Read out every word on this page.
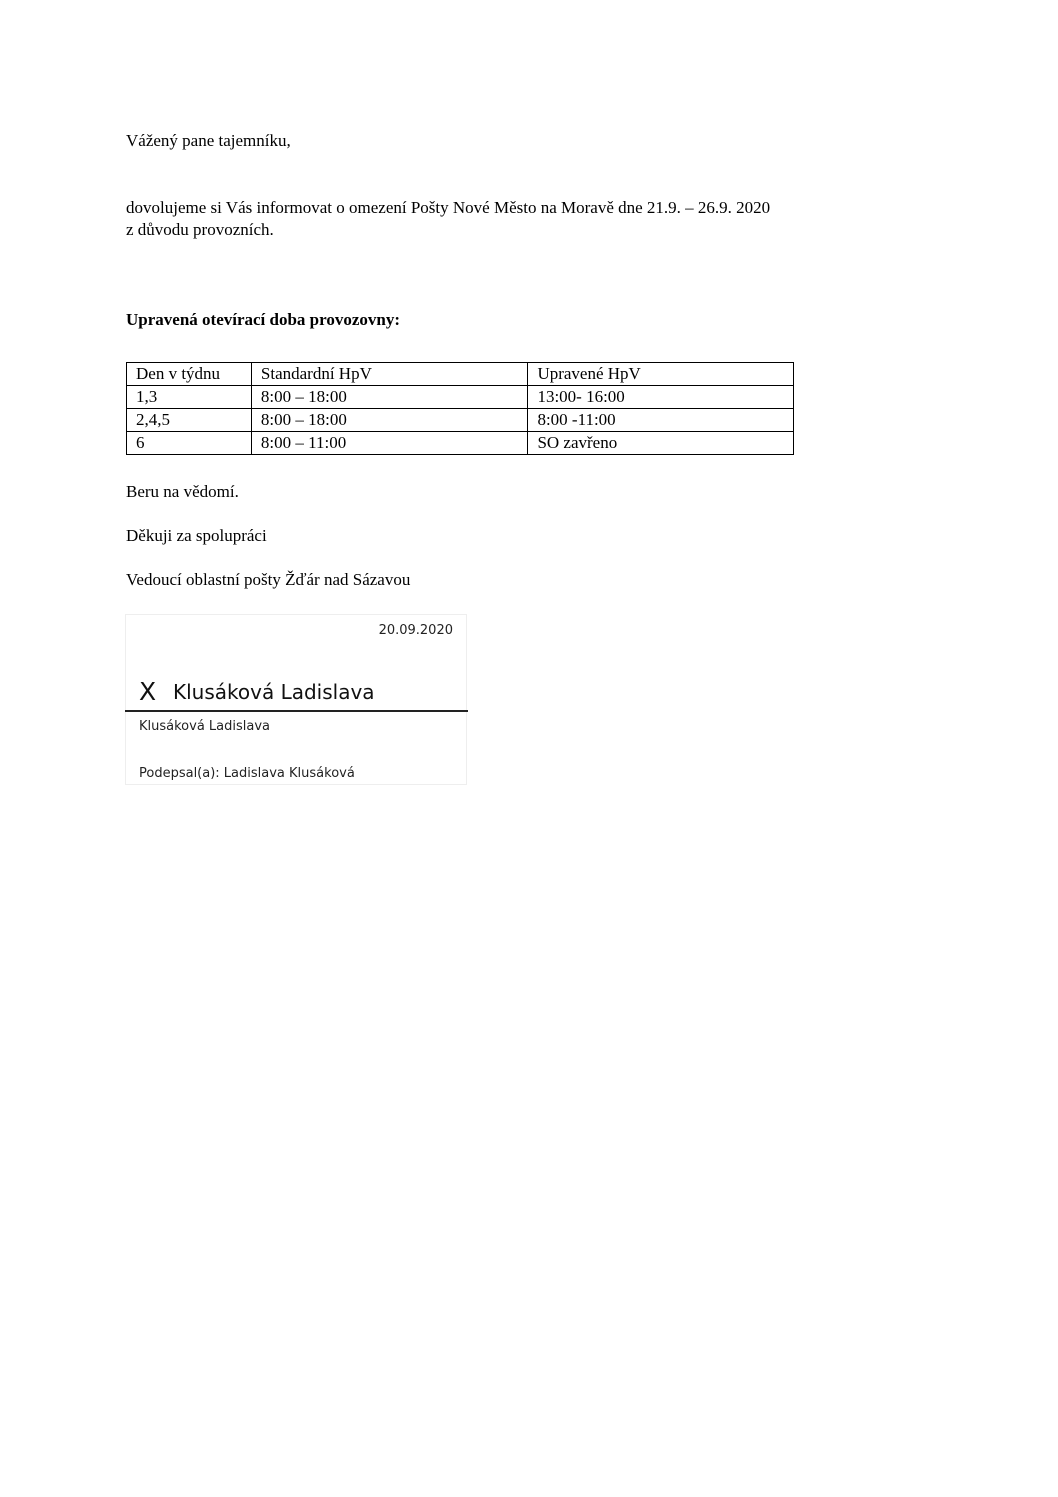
Vážený pane tajemníku,
dovolujeme si Vás informovat o omezení Pošty Nové Město na Moravě dne 21.9. – 26.9. 2020
z důvodu provozních.
Upravená otevírací doba provozovny:
Den v týdnu	Standardní HpV	Upravené HpV
1,3	8:00 – 18:00	13:00- 16:00
2,4,5	8:00 – 18:00	8:00 -11:00
6	8:00 – 11:00	SO zavřeno
Beru na vědomí.
Děkuji za spolupráci
Vedoucí oblastní pošty Žďár nad Sázavou
20.09.2020
X Klusáková Ladislava
Klusáková Ladislava
Podepsal(a): Ladislava Klusáková
